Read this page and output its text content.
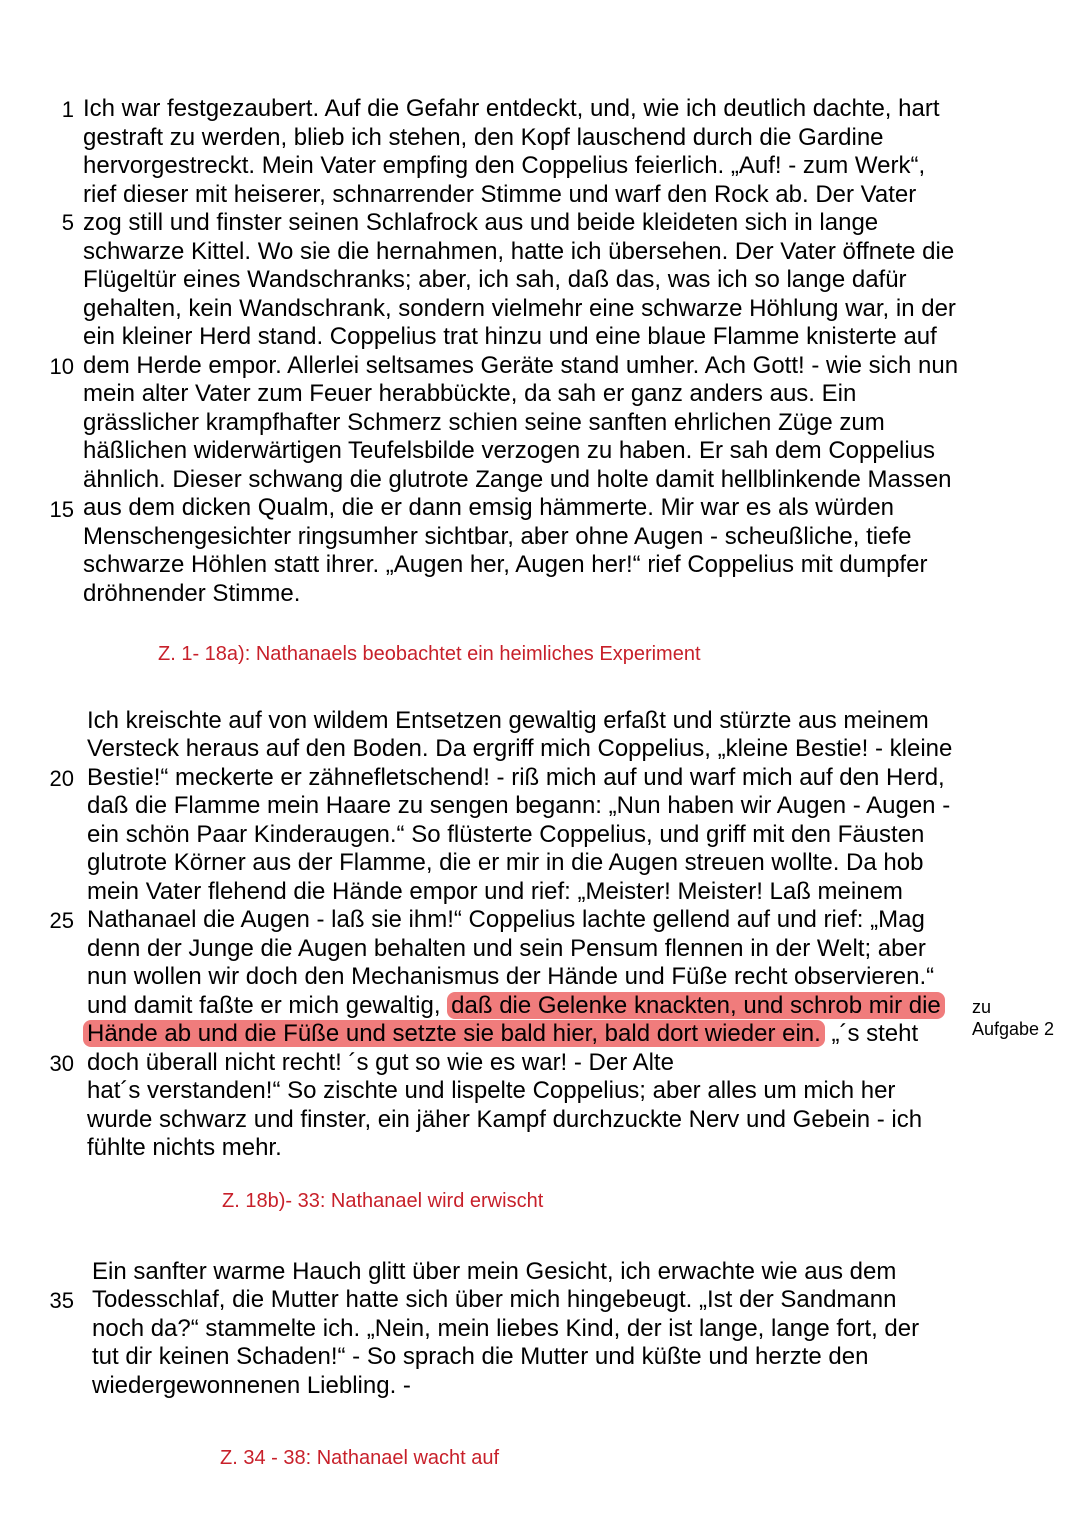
1
5
10
15
Ich war festgezaubert. Auf die Gefahr entdeckt, und, wie ich deutlich dachte, hart
gestraft zu werden, blieb ich stehen, den Kopf lauschend durch die Gardine
hervorgestreckt. Mein Vater empfing den Coppelius feierlich. „Auf! - zum Werk“,
rief dieser mit heiserer, schnarrender Stimme und warf den Rock ab. Der Vater
zog still und finster seinen Schlafrock aus und beide kleideten sich in lange
schwarze Kittel. Wo sie die hernahmen, hatte ich übersehen. Der Vater öffnete die
Flügeltür eines Wandschranks; aber, ich sah, daß das, was ich so lange dafür
gehalten, kein Wandschrank, sondern vielmehr eine schwarze Höhlung war, in der
ein kleiner Herd stand. Coppelius trat hinzu und eine blaue Flamme knisterte auf
dem Herde empor. Allerlei seltsames Geräte stand umher. Ach Gott! - wie sich nun
mein alter Vater zum Feuer herabbückte, da sah er ganz anders aus. Ein
grässlicher krampfhafter Schmerz schien seine sanften ehrlichen Züge zum
häßlichen widerwärtigen Teufelsbilde verzogen zu haben. Er sah dem Coppelius
ähnlich. Dieser schwang die glutrote Zange und holte damit hellblinkende Massen
aus dem dicken Qualm, die er dann emsig hämmerte. Mir war es als würden
Menschengesichter ringsumher sichtbar, aber ohne Augen - scheußliche, tiefe
schwarze Höhlen statt ihrer. „Augen her, Augen her!“ rief Coppelius mit dumpfer
dröhnender Stimme.
Z. 1- 18a): Nathanaels beobachtet ein heimliches Experiment
20
25
30
Ich kreischte auf von wildem Entsetzen gewaltig erfaßt und stürzte aus meinem
Versteck heraus auf den Boden. Da ergriff mich Coppelius, „kleine Bestie! - kleine
Bestie!“ meckerte er zähnefletschend! - riß mich auf und warf mich auf den Herd,
daß die Flamme mein Haare zu sengen begann: „Nun haben wir Augen - Augen -
ein schön Paar Kinderaugen.“ So flüsterte Coppelius, und griff mit den Fäusten
glutrote Körner aus der Flamme, die er mir in die Augen streuen wollte. Da hob
mein Vater flehend die Hände empor und rief: „Meister! Meister! Laß meinem
Nathanael die Augen - laß sie ihm!“ Coppelius lachte gellend auf und rief: „Mag
denn der Junge die Augen behalten und sein Pensum flennen in der Welt; aber
nun wollen wir doch den Mechanismus der Hände und Füße recht observieren.“
und damit faßte er mich gewaltig, daß die Gelenke knackten, und schrob mir die
Hände ab und die Füße und setzte sie bald hier, bald dort wieder ein. „´s steht
doch überall nicht recht! ´s gut so wie es war! - Der Alte
hat´s verstanden!“ So zischte und lispelte Coppelius; aber alles um mich her
wurde schwarz und finster, ein jäher Kampf durchzuckte Nerv und Gebein - ich
fühlte nichts mehr.
zu
Aufgabe 2
Z. 18b)- 33: Nathanael wird erwischt
35
Ein sanfter warme Hauch glitt über mein Gesicht, ich erwachte wie aus dem
Todesschlaf, die Mutter hatte sich über mich hingebeugt. „Ist der Sandmann
noch da?“ stammelte ich. „Nein, mein liebes Kind, der ist lange, lange fort, der
tut dir keinen Schaden!“ - So sprach die Mutter und küßte und herzte den
wiedergewonnenen Liebling. -
Z. 34 - 38: Nathanael wacht auf
